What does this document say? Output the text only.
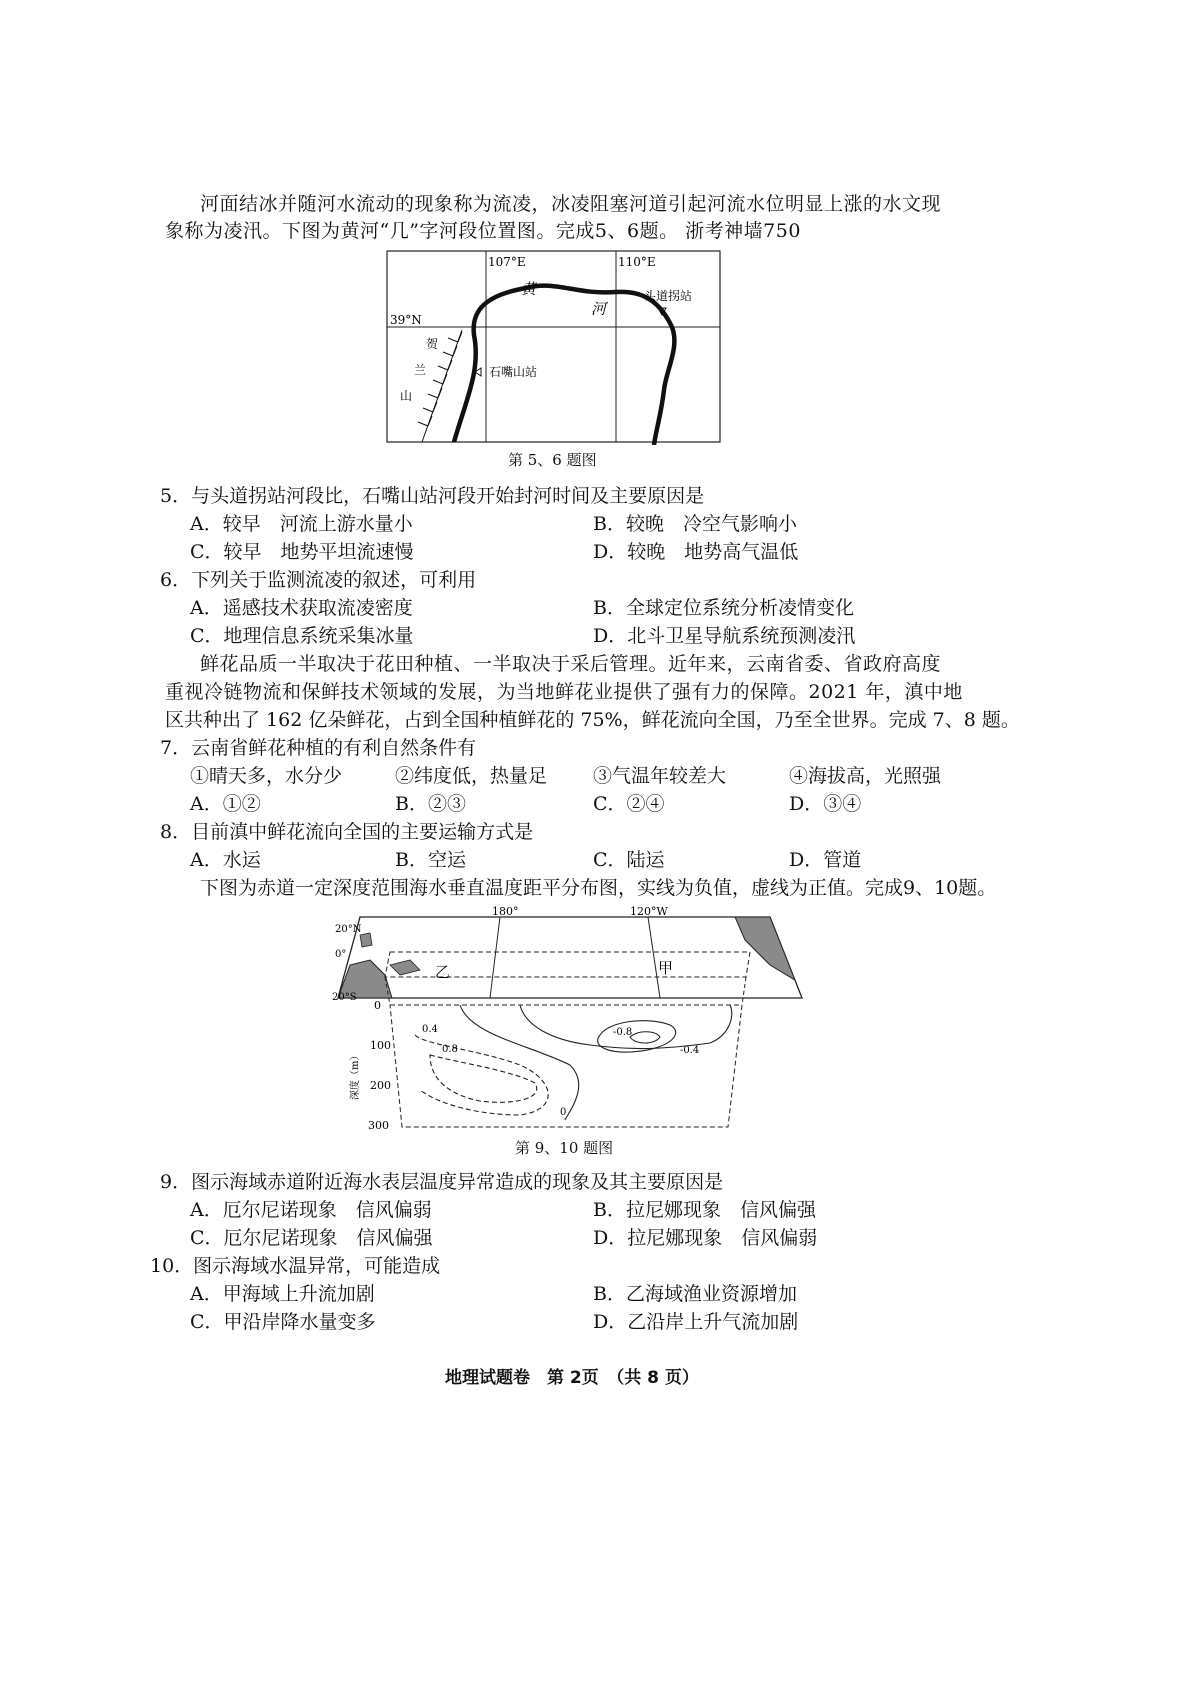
河面结冰并随河水流动的现象称为流凌，冰凌阻塞河道引起河流水位明显上涨的水文现
象称为凌汛。下图为黄河“几”字河段位置图。完成5、6题。 浙考神墙750
107°E	110°E
39°N
黄
河
头道拐站
石嘴山站
贺
兰
山
第 5、6 题图
5．与头道拐站河段比，石嘴山站河段开始封河时间及主要原因是
A．较早　河流上游水量小	B．较晚　冷空气影响小
C．较早　地势平坦流速慢	D．较晚　地势高气温低
6．下列关于监测流凌的叙述，可利用
A．遥感技术获取流凌密度	B．全球定位系统分析凌情变化
C．地理信息系统采集冰量	D．北斗卫星导航系统预测凌汛
鲜花品质一半取决于花田种植、一半取决于采后管理。近年来，云南省委、省政府高度
重视冷链物流和保鲜技术领域的发展，为当地鲜花业提供了强有力的保障。2021 年，滇中地
区共种出了 162 亿朵鲜花，占到全国种植鲜花的 75%，鲜花流向全国，乃至全世界。完成 7、8 题。
7．云南省鲜花种植的有利自然条件有
①晴天多，水分少	②纬度低，热量足 ③气温年较差大	④海拔高，光照强
A．①②	B．②③	C．②④	D．③④
8．目前滇中鲜花流向全国的主要运输方式是
A．水运	B．空运	C．陆运	D．管道
下图为赤道一定深度范围海水垂直温度距平分布图，实线为负值，虚线为正值。完成9、10题。
180°	120°W
20°N
0°
20°S
乙	甲
0.4
0.8
-0.8
-0.4
0
0
100
200
300
深度（m）
第 9、10 题图
9．图示海域赤道附近海水表层温度异常造成的现象及其主要原因是
A．厄尔尼诺现象　信风偏弱	B．拉尼娜现象　信风偏强
C．厄尔尼诺现象　信风偏强	D．拉尼娜现象　信风偏弱
10．图示海域水温异常，可能造成
A．甲海域上升流加剧	B．乙海域渔业资源增加
C．甲沿岸降水量变多	D．乙沿岸上升气流加剧
地理试题卷　第 2页　（共 8 页）
